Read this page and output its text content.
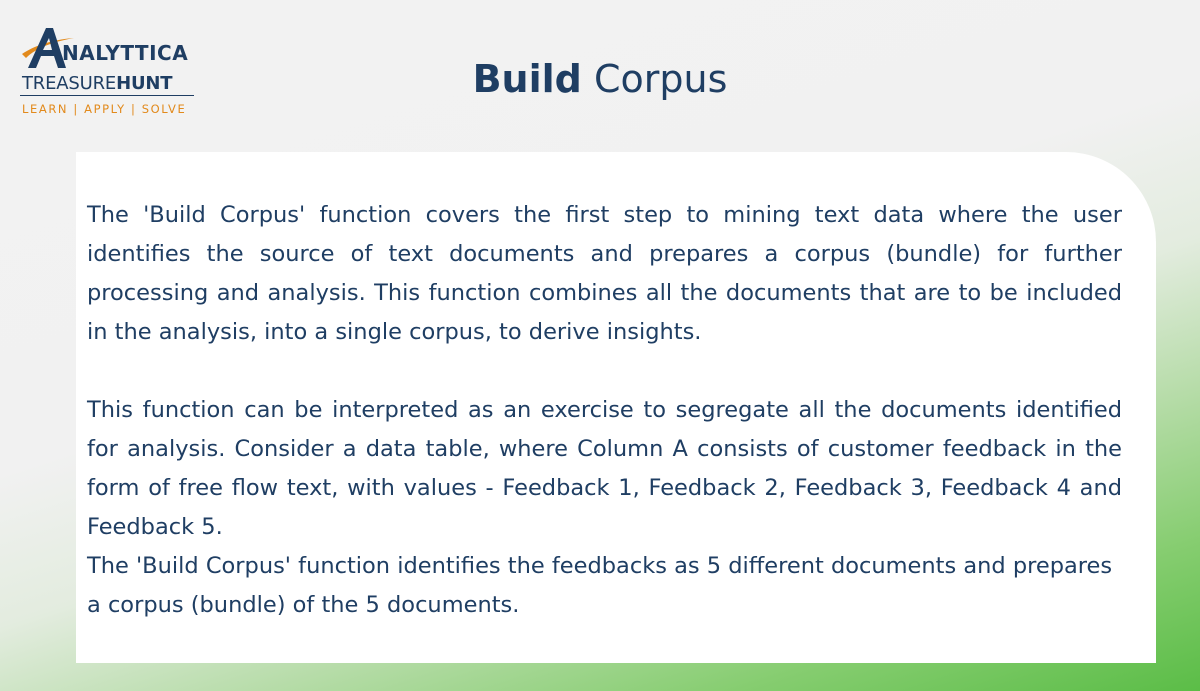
NALYTTICA
TREASUREHUNT
LEARN | APPLY | SOLVE
Build Corpus

The 'Build Corpus' function covers the first step to mining text data where the user identifies the source of text documents and prepares a corpus (bundle) for further processing and analysis. This function combines all the documents that are to be included in the analysis, into a single corpus, to derive insights.

This function can be interpreted as an exercise to segregate all the documents identified for analysis. Consider a data table, where Column A consists of customer feedback in the form of free flow text, with values - Feedback 1, Feedback 2, Feedback 3, Feedback 4 and Feedback 5.

The 'Build Corpus' function identifies the feedbacks as 5 different documents and prepares a corpus (bundle) of the 5 documents.
